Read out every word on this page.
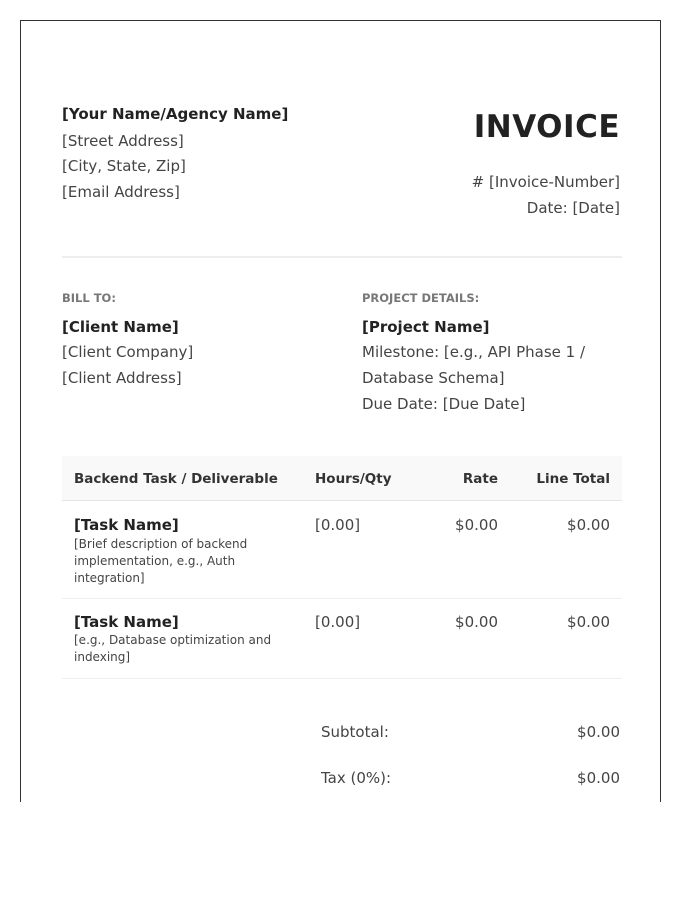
[Your Name/Agency Name]
[Street Address]
[City, State, Zip]
[Email Address]
INVOICE
# [Invoice-Number]
Date: [Date]
BILL TO:
[Client Name]
[Client Company]
[Client Address]
PROJECT DETAILS:
[Project Name]
Milestone: [e.g., API Phase 1 /
Database Schema]
Due Date: [Due Date]
Backend Task / Deliverable	Hours/Qty	Rate	Line Total
[Task Name]
[Brief description of backend implementation, e.g., Auth integration]
[0.00]	$0.00	$0.00
[Task Name]
[e.g., Database optimization and indexing]
[0.00]	$0.00	$0.00
Subtotal:	$0.00
Tax (0%):	$0.00
